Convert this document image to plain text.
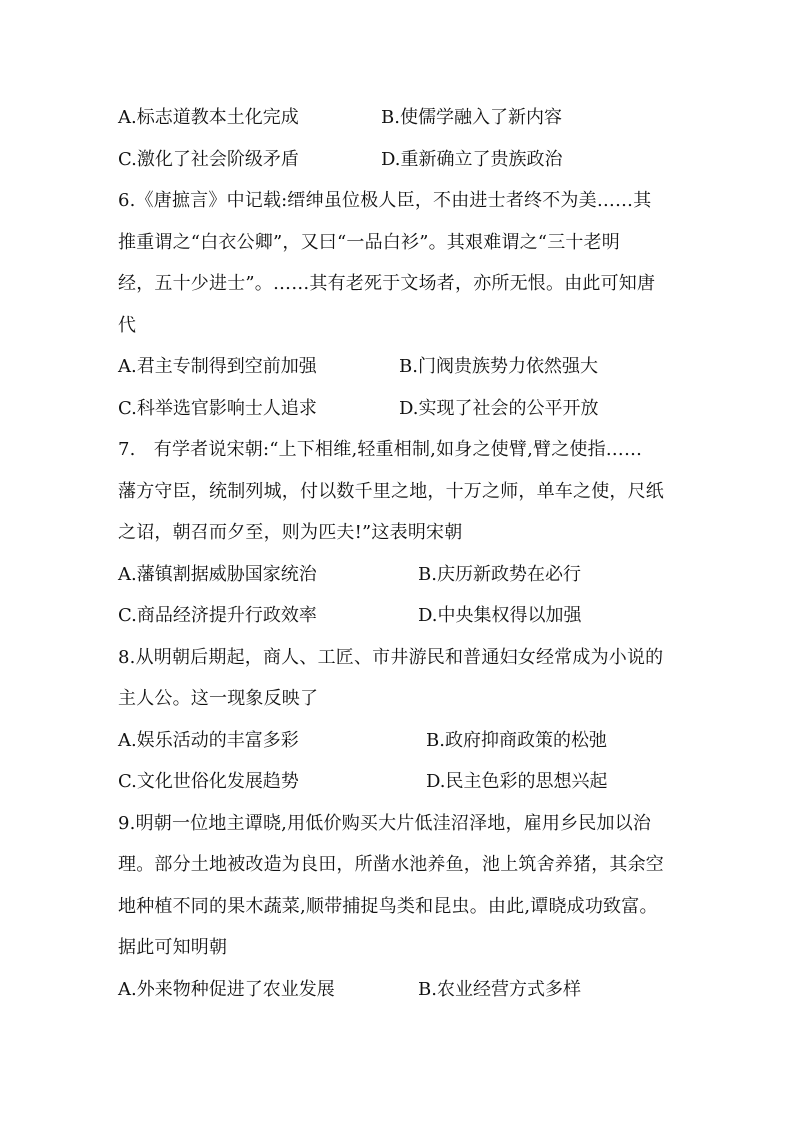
A.标志道教本土化完成	B.使儒学融入了新内容
C.激化了社会阶级矛盾	D.重新确立了贵族政治
6.《唐摭言》中记载:缙绅虽位极人臣，不由进士者终不为美……其
推重谓之“白衣公卿”，又曰“一品白衫”。其艰难谓之“三十老明
经，五十少进士”。……其有老死于文场者，亦所无恨。由此可知唐
代
A.君主专制得到空前加强	B.门阀贵族势力依然强大
C.科举选官影响士人追求	D.实现了社会的公平开放
7.　有学者说宋朝:“上下相维,轻重相制,如身之使臂,臂之使指……
藩方守臣，统制列城，付以数千里之地，十万之师，单车之使，尺纸
之诏，朝召而夕至，则为匹夫!”这表明宋朝
A.藩镇割据威胁国家统治	B.庆历新政势在必行
C.商品经济提升行政效率	D.中央集权得以加强
8.从明朝后期起，商人、工匠、市井游民和普通妇女经常成为小说的
主人公。这一现象反映了
A.娱乐活动的丰富多彩	B.政府抑商政策的松弛
C.文化世俗化发展趋势	D.民主色彩的思想兴起
9.明朝一位地主谭晓,用低价购买大片低洼沼泽地，雇用乡民加以治
理。部分土地被改造为良田，所凿水池养鱼，池上筑舍养猪，其余空
地种植不同的果木蔬菜,顺带捕捉鸟类和昆虫。由此,谭晓成功致富。
据此可知明朝
A.外来物种促进了农业发展	B.农业经营方式多样
